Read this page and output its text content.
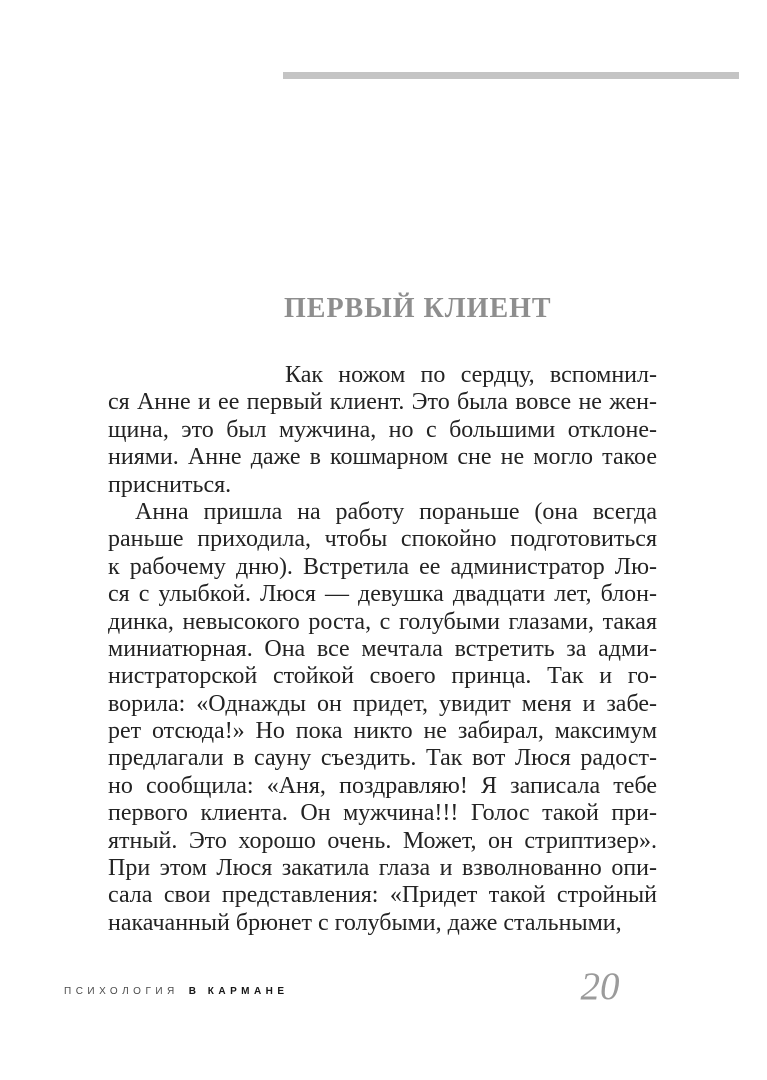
ПЕРВЫЙ КЛИЕНТ
Как ножом по сердцу, вспомнил-
ся Анне и ее первый клиент. Это была вовсе не жен-
щина, это был мужчина, но с большими отклоне-
ниями. Анне даже в кошмарном сне не могло такое
присниться.
Анна пришла на работу пораньше (она всегда
раньше приходила, чтобы спокойно подготовиться
к рабочему дню). Встретила ее администратор Лю-
ся с улыбкой. Люся — девушка двадцати лет, блон-
динка, невысокого роста, с голубыми глазами, такая
миниатюрная. Она все мечтала встретить за адми-
нистраторской стойкой своего принца. Так и го-
ворила: «Однажды он придет, увидит меня и забе-
рет отсюда!» Но пока никто не забирал, максимум
предлагали в сауну съездить. Так вот Люся радост-
но сообщила: «Аня, поздравляю! Я записала тебе
первого клиента. Он мужчина!!! Голос такой при-
ятный. Это хорошо очень. Может, он стриптизер».
При этом Люся закатила глаза и взволнованно опи-
сала свои представления: «Придет такой стройный
накачанный брюнет с голубыми, даже стальными,
ПСИХОЛОГИЯ В КАРМАНЕ	20
